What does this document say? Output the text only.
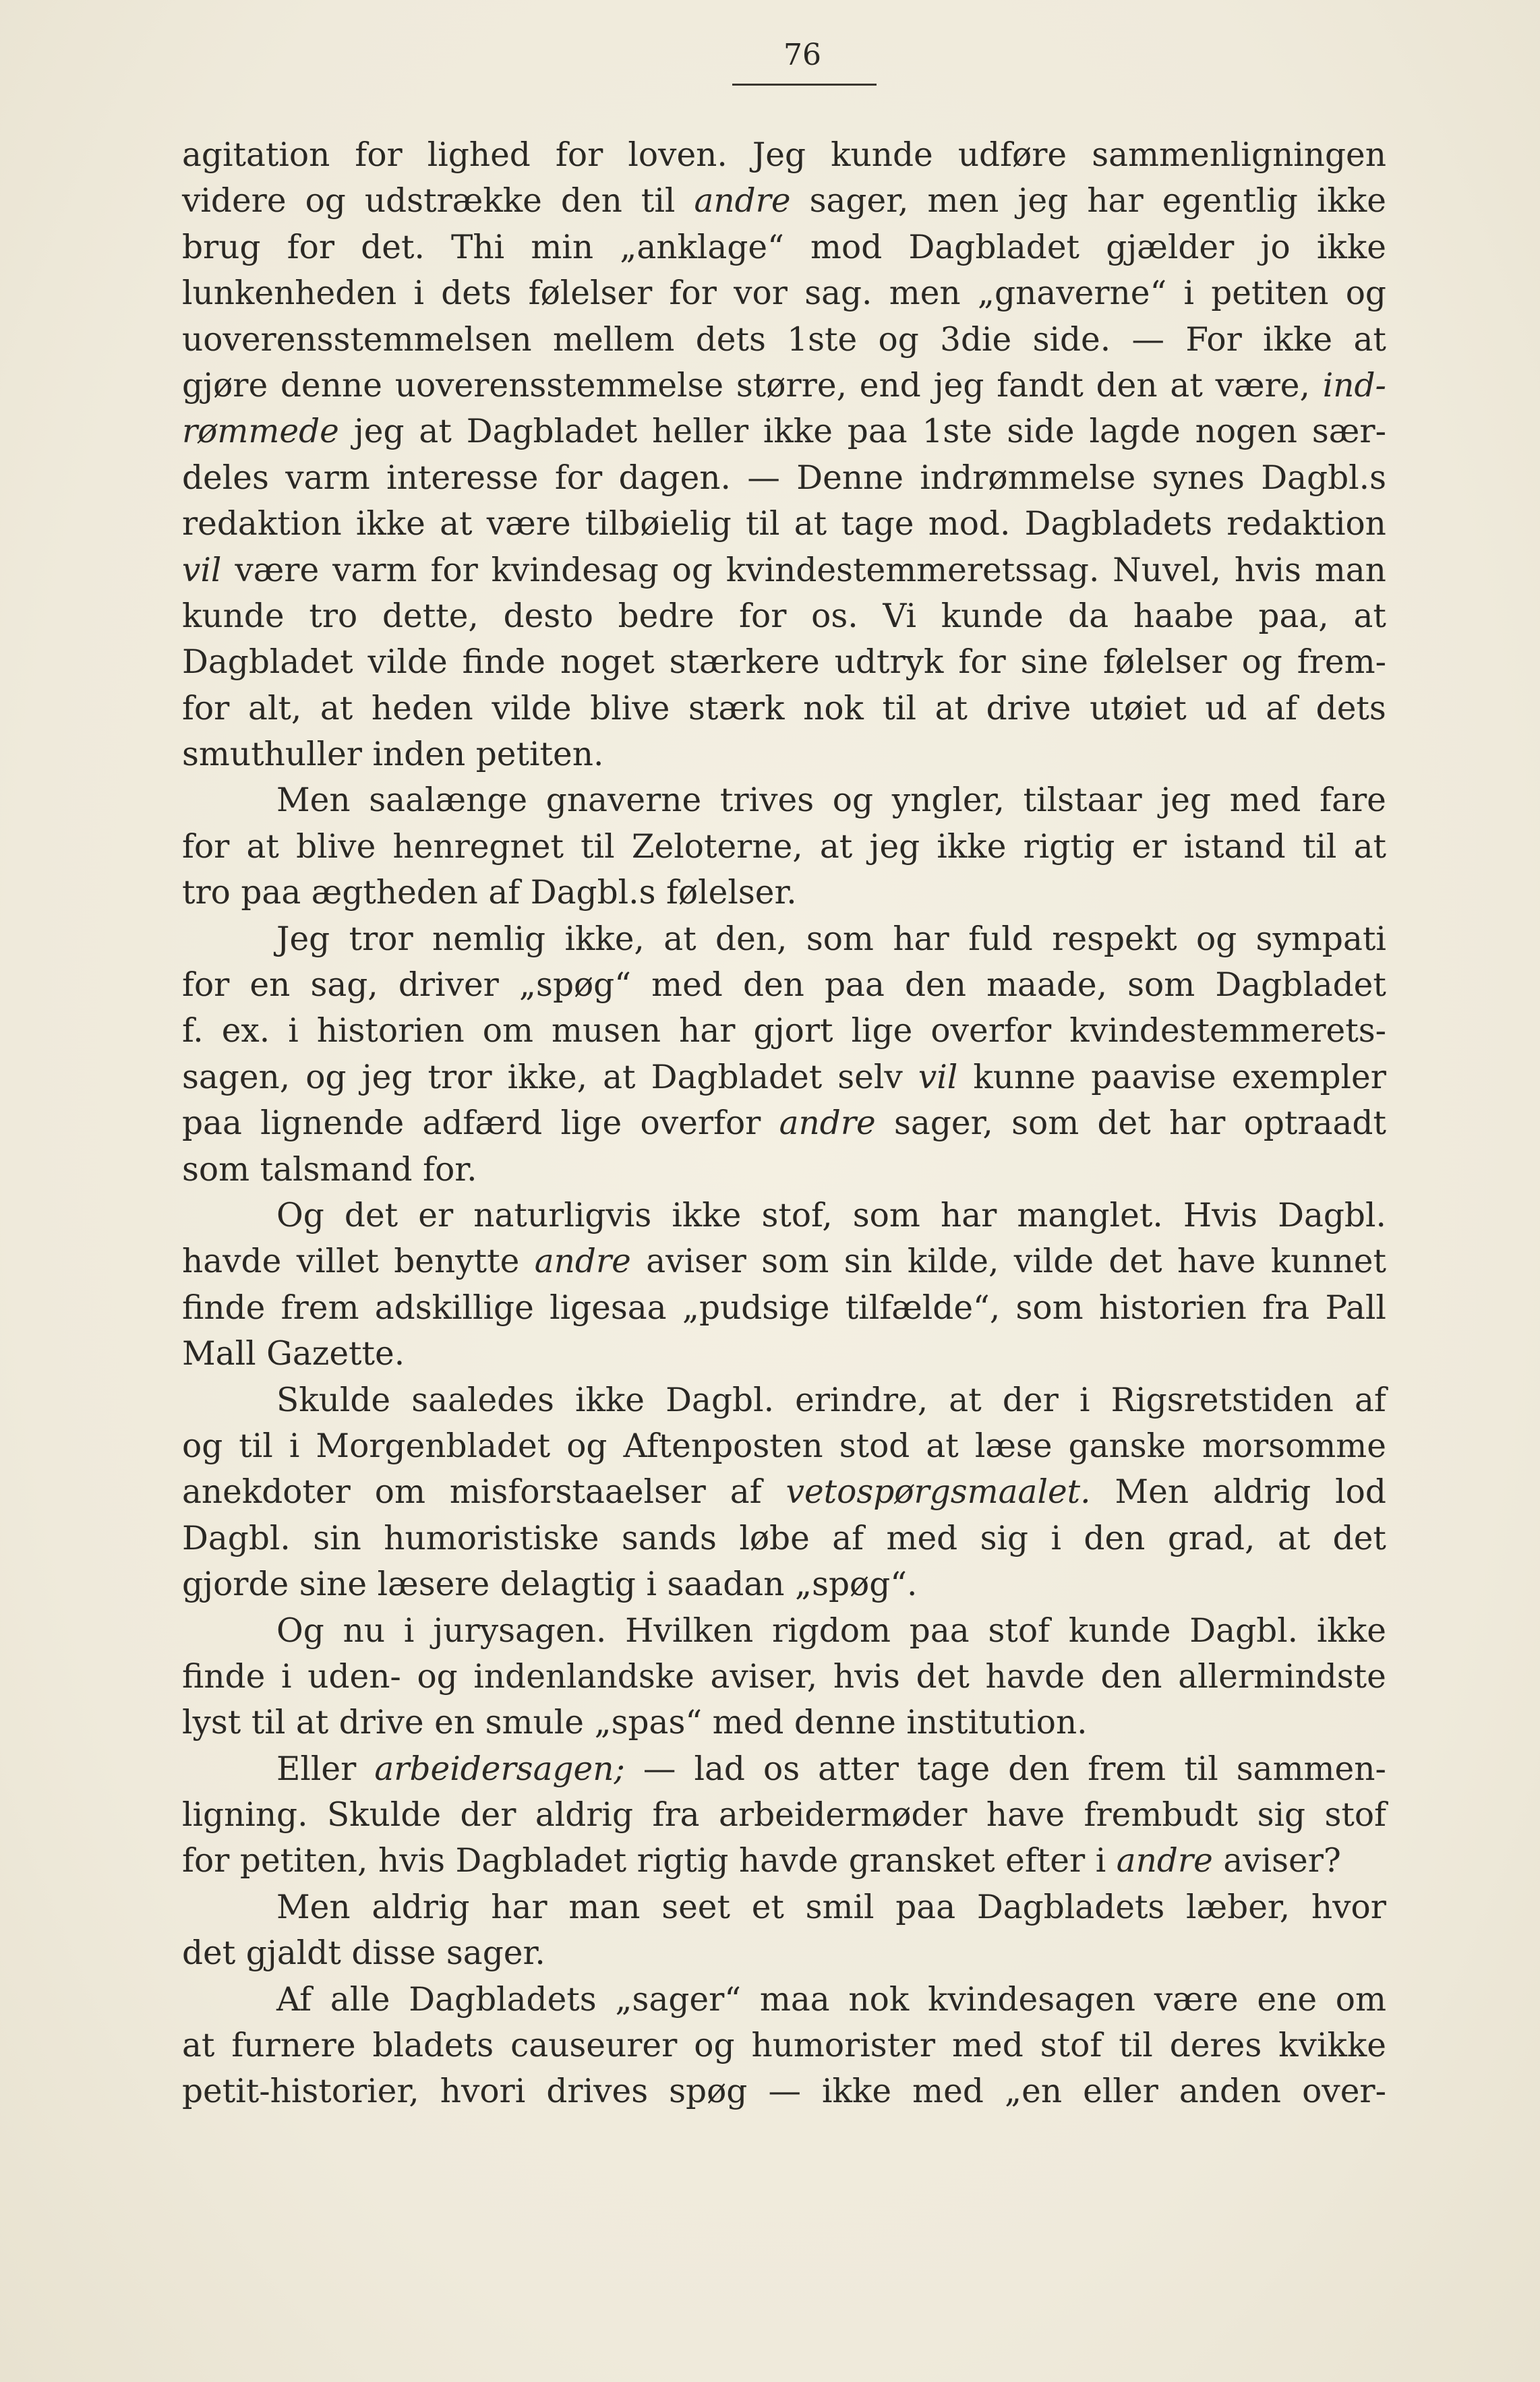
76
agitation for lighed for loven. Jeg kunde udføre sammenligningen
videre og udstrække den til andre sager, men jeg har egentlig ikke
brug for det. Thi min „anklage“ mod Dagbladet gjælder jo ikke
lunkenheden i dets følelser for vor sag. men „gnaverne“ i petiten og
uoverensstemmelsen mellem dets 1ste og 3die side. — For ikke at
gjøre denne uoverensstemmelse større, end jeg fandt den at være, ind-
rømmede jeg at Dagbladet heller ikke paa 1ste side lagde nogen sær-
deles varm interesse for dagen. — Denne indrømmelse synes Dagbl.s
redaktion ikke at være tilbøielig til at tage mod. Dagbladets redaktion
vil være varm for kvindesag og kvindestemmeretssag. Nuvel, hvis man
kunde tro dette, desto bedre for os. Vi kunde da haabe paa, at
Dagbladet vilde finde noget stærkere udtryk for sine følelser og frem-
for alt, at heden vilde blive stærk nok til at drive utøiet ud af dets
smuthuller inden petiten.
Men saalænge gnaverne trives og yngler, tilstaar jeg med fare
for at blive henregnet til Zeloterne, at jeg ikke rigtig er istand til at
tro paa ægtheden af Dagbl.s følelser.
Jeg tror nemlig ikke, at den, som har fuld respekt og sympati
for en sag, driver „spøg“ med den paa den maade, som Dagbladet
f. ex. i historien om musen har gjort lige overfor kvindestemmerets-
sagen, og jeg tror ikke, at Dagbladet selv vil kunne paavise exempler
paa lignende adfærd lige overfor andre sager, som det har optraadt
som talsmand for.
Og det er naturligvis ikke stof, som har manglet. Hvis Dagbl.
havde villet benytte andre aviser som sin kilde, vilde det have kunnet
finde frem adskillige ligesaa „pudsige tilfælde“, som historien fra Pall
Mall Gazette.
Skulde saaledes ikke Dagbl. erindre, at der i Rigsretstiden af
og til i Morgenbladet og Aftenposten stod at læse ganske morsomme
anekdoter om misforstaaelser af vetospørgsmaalet. Men aldrig lod
Dagbl. sin humoristiske sands løbe af med sig i den grad, at det
gjorde sine læsere delagtig i saadan „spøg“.
Og nu i jurysagen. Hvilken rigdom paa stof kunde Dagbl. ikke
finde i uden- og indenlandske aviser, hvis det havde den allermindste
lyst til at drive en smule „spas“ med denne institution.
Eller arbeidersagen; — lad os atter tage den frem til sammen-
ligning. Skulde der aldrig fra arbeidermøder have frembudt sig stof
for petiten, hvis Dagbladet rigtig havde gransket efter i andre aviser?
Men aldrig har man seet et smil paa Dagbladets læber, hvor
det gjaldt disse sager.
Af alle Dagbladets „sager“ maa nok kvindesagen være ene om
at furnere bladets causeurer og humorister med stof til deres kvikke
petit-historier, hvori drives spøg — ikke med „en eller anden over-
